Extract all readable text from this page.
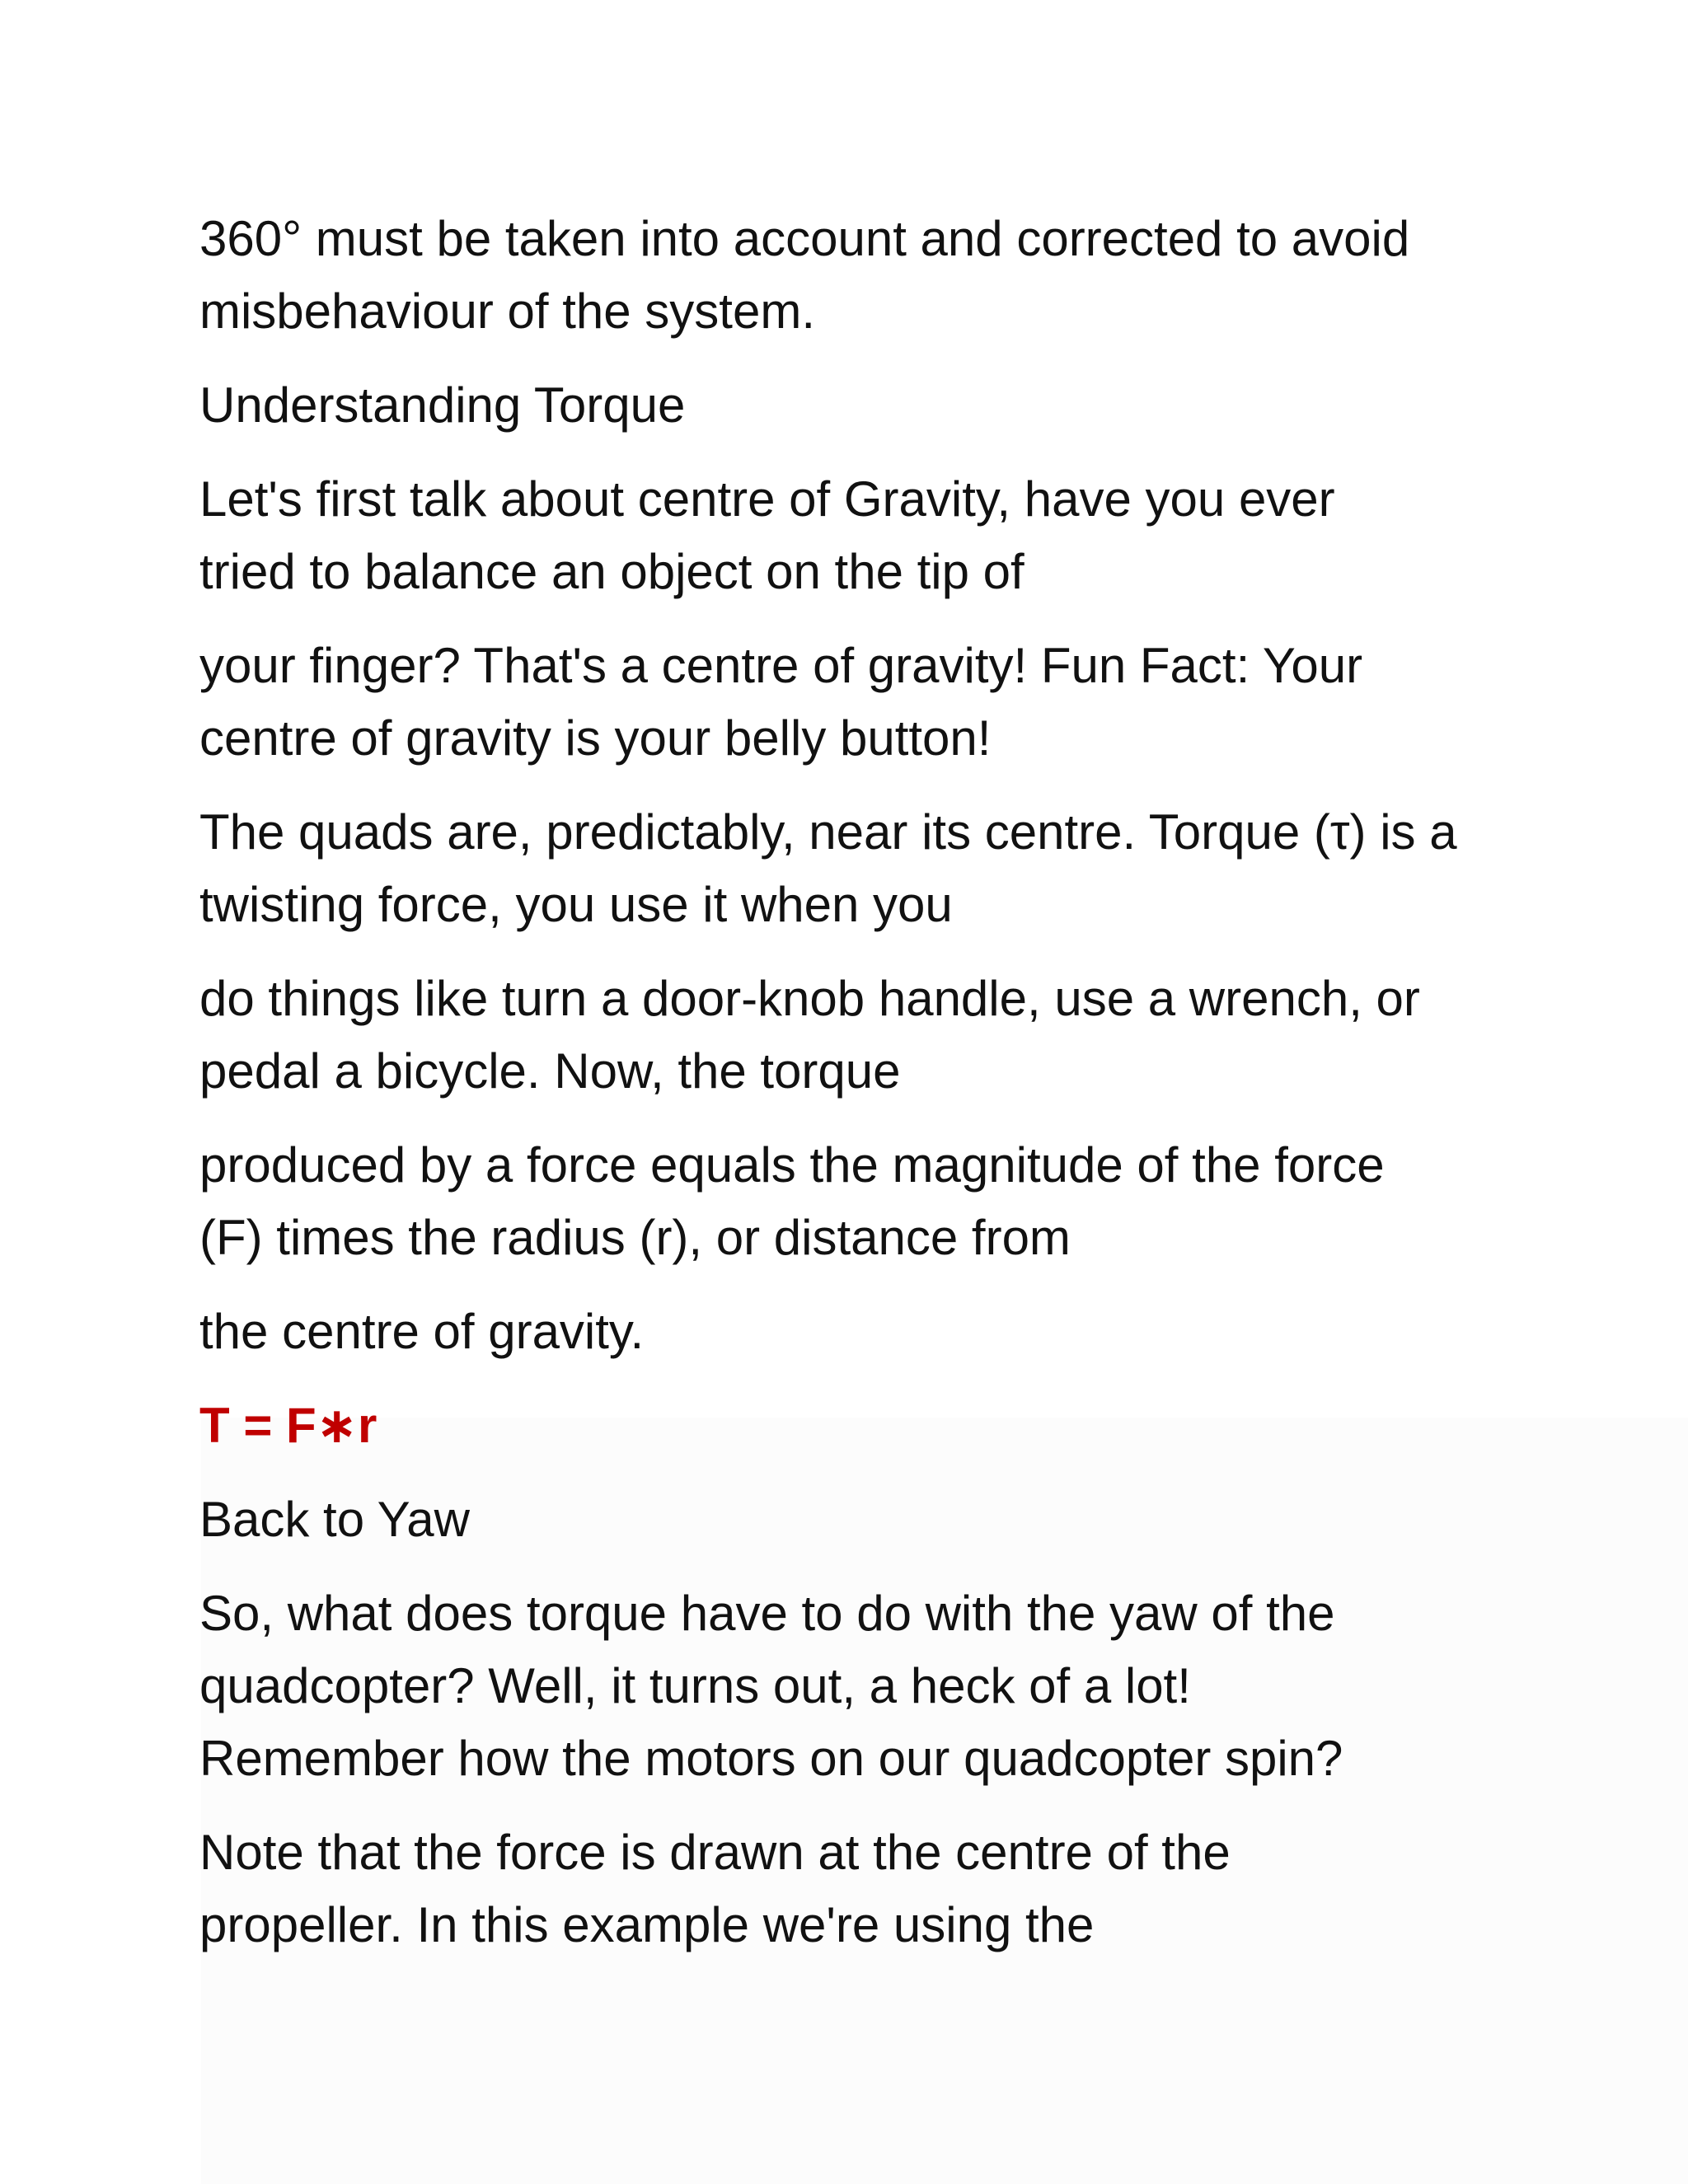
360° must be taken into account and corrected to avoid
misbehaviour of the system.

Understanding Torque

Let's first talk about centre of Gravity, have you ever
tried to balance an object on the tip of

your finger? That's a centre of gravity! Fun Fact: Your
centre of gravity is your belly button!

The quads are, predictably, near its centre. Torque (τ) is a
twisting force, you use it when you

do things like turn a door-knob handle, use a wrench, or
pedal a bicycle. Now, the torque

produced by a force equals the magnitude of the force
(F) times the radius (r), or distance from

the centre of gravity.

T = F∗r

Back to Yaw

So, what does torque have to do with the yaw of the
quadcopter? Well, it turns out, a heck of a lot!
Remember how the motors on our quadcopter spin?

Note that the force is drawn at the centre of the
propeller. In this example we're using the
